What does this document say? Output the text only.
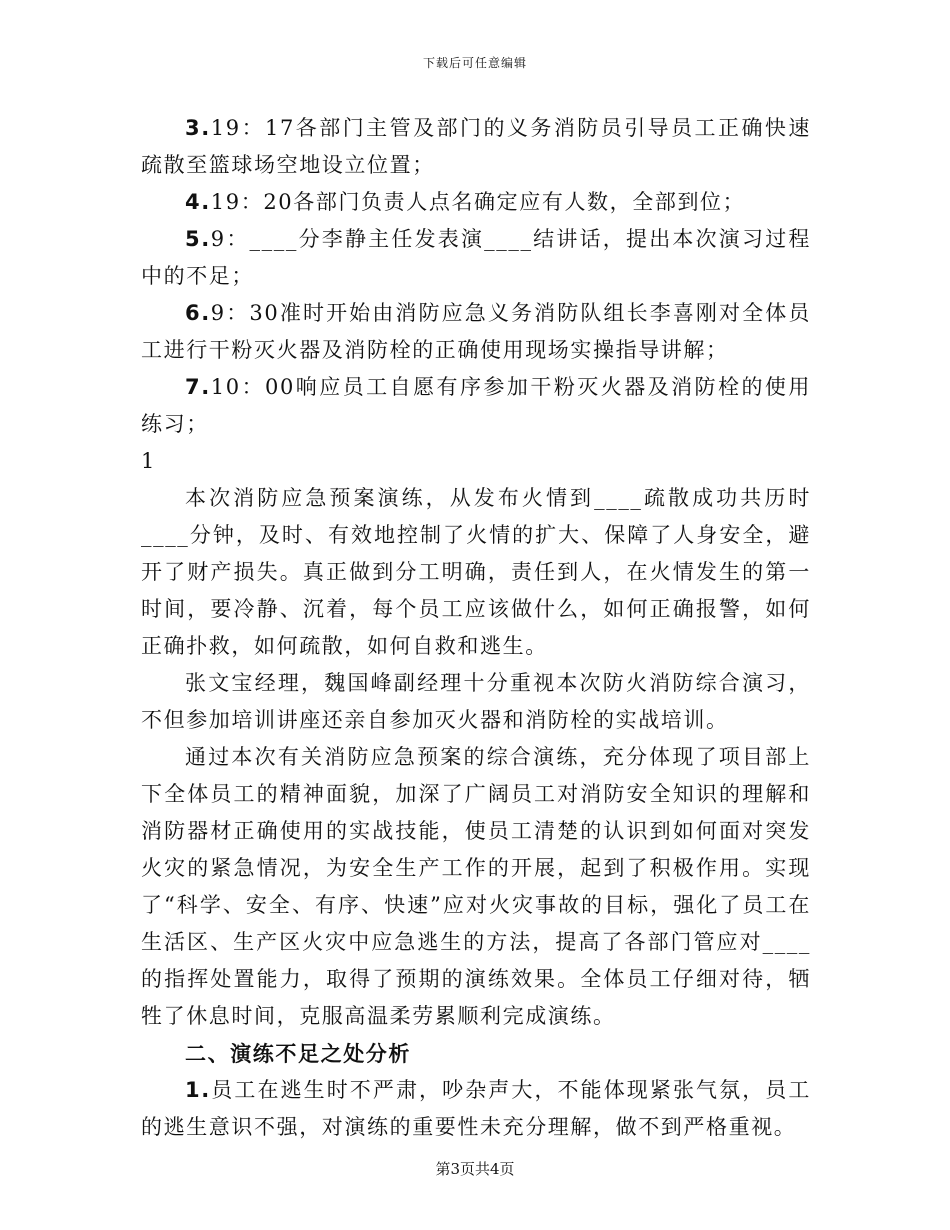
下载后可任意编辑

3.19：17各部门主管及部门的义务消防员引导员工正确快速疏散至篮球场空地设立位置；

4.19：20各部门负责人点名确定应有人数，全部到位；

5.9：____分李静主任发表演____结讲话，提出本次演习过程中的不足；

6.9：30准时开始由消防应急义务消防队组长李喜刚对全体员工进行干粉灭火器及消防栓的正确使用现场实操指导讲解；

7.10：00响应员工自愿有序参加干粉灭火器及消防栓的使用练习；

1

本次消防应急预案演练，从发布火情到____疏散成功共历时____分钟，及时、有效地控制了火情的扩大、保障了人身安全，避开了财产损失。真正做到分工明确，责任到人，在火情发生的第一时间，要冷静、沉着，每个员工应该做什么，如何正确报警，如何正确扑救，如何疏散，如何自救和逃生。

张文宝经理，魏国峰副经理十分重视本次防火消防综合演习，不但参加培训讲座还亲自参加灭火器和消防栓的实战培训。

通过本次有关消防应急预案的综合演练，充分体现了项目部上下全体员工的精神面貌，加深了广阔员工对消防安全知识的理解和消防器材正确使用的实战技能，使员工清楚的认识到如何面对突发火灾的紧急情况，为安全生产工作的开展，起到了积极作用。实现了“科学、安全、有序、快速”应对火灾事故的目标，强化了员工在生活区、生产区火灾中应急逃生的方法，提高了各部门管应对____的指挥处置能力，取得了预期的演练效果。全体员工仔细对待，牺牲了休息时间，克服高温柔劳累顺利完成演练。

二、演练不足之处分析

1.员工在逃生时不严肃，吵杂声大，不能体现紧张气氛，员工的逃生意识不强，对演练的重要性未充分理解，做不到严格重视。

第3页共4页
